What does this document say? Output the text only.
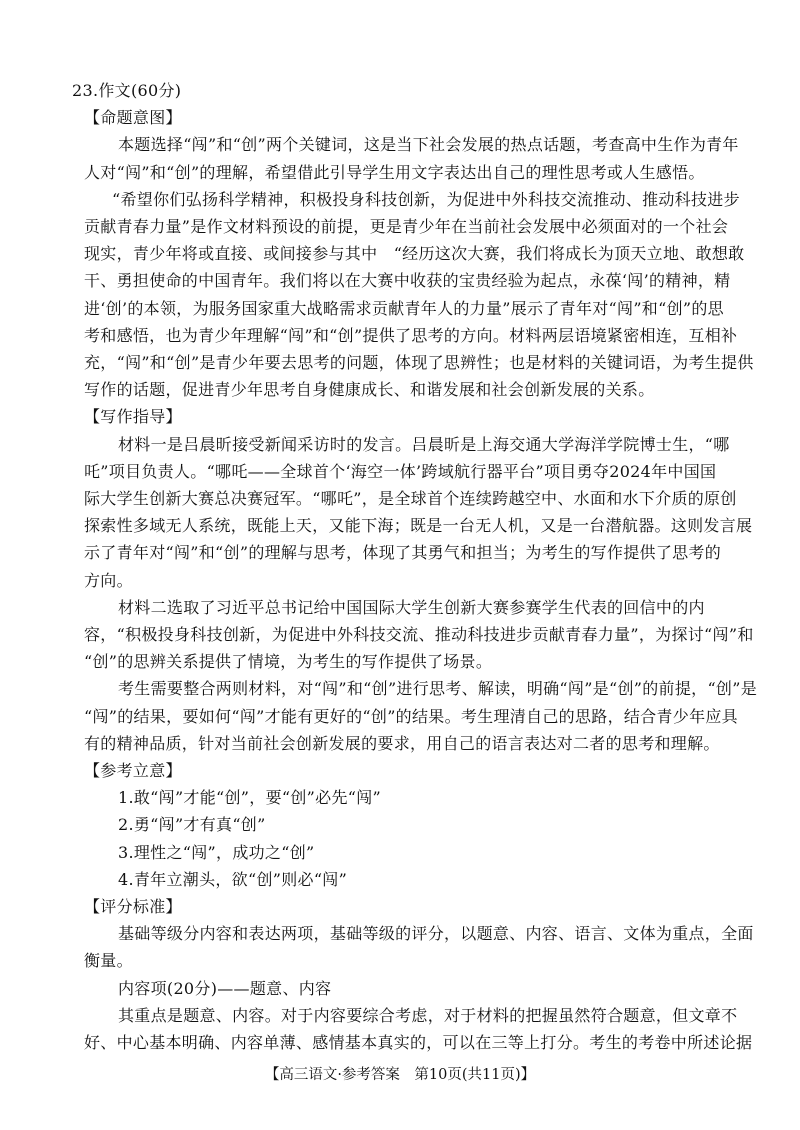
23.作文(60分)
【命题意图】
本题选择“闯”和“创”两个关键词，这是当下社会发展的热点话题，考查高中生作为青年
人对“闯”和“创”的理解，希望借此引导学生用文字表达出自己的理性思考或人生感悟。
“希望你们弘扬科学精神，积极投身科技创新，为促进中外科技交流推动、推动科技进步
贡献青春力量”是作文材料预设的前提，更是青少年在当前社会发展中必须面对的一个社会
现实，青少年将或直接、或间接参与其中　“经历这次大赛，我们将成长为顶天立地、敢想敢
干、勇担使命的中国青年。我们将以在大赛中收获的宝贵经验为起点，永葆‘闯’的精神，精
进‘创’的本领，为服务国家重大战略需求贡献青年人的力量”展示了青年对“闯”和“创”的思
考和感悟，也为青少年理解“闯”和“创”提供了思考的方向。材料两层语境紧密相连，互相补
充，“闯”和“创”是青少年要去思考的问题，体现了思辨性；也是材料的关键词语，为考生提供
写作的话题，促进青少年思考自身健康成长、和谐发展和社会创新发展的关系。
【写作指导】
材料一是吕晨昕接受新闻采访时的发言。吕晨昕是上海交通大学海洋学院博士生，“哪
吒”项目负责人。“哪吒——全球首个‘海空一体’跨域航行器平台”项目勇夺2024年中国国
际大学生创新大赛总决赛冠军。“哪吒”，是全球首个连续跨越空中、水面和水下介质的原创
探索性多域无人系统，既能上天，又能下海；既是一台无人机，又是一台潜航器。这则发言展
示了青年对“闯”和“创”的理解与思考，体现了其勇气和担当；为考生的写作提供了思考的
方向。
材料二选取了习近平总书记给中国国际大学生创新大赛参赛学生代表的回信中的内
容，“积极投身科技创新，为促进中外科技交流、推动科技进步贡献青春力量”，为探讨“闯”和
“创”的思辨关系提供了情境，为考生的写作提供了场景。
考生需要整合两则材料，对“闯”和“创”进行思考、解读，明确“闯”是“创”的前提，“创”是
“闯”的结果，要如何“闯”才能有更好的“创”的结果。考生理清自己的思路，结合青少年应具
有的精神品质，针对当前社会创新发展的要求，用自己的语言表达对二者的思考和理解。
【参考立意】
1.敢“闯”才能“创”，要“创”必先“闯”
2.勇“闯”才有真“创”
3.理性之“闯”，成功之“创”
4.青年立潮头，欲“创”则必“闯”
【评分标准】
基础等级分内容和表达两项，基础等级的评分，以题意、内容、语言、文体为重点，全面
衡量。
【高三语文·参考答案　第10页(共11页)】
内容项(20分)——题意、内容
其重点是题意、内容。对于内容要综合考虑，对于材料的把握虽然符合题意，但文章不
好、中心基本明确、内容单薄、感情基本真实的，可以在三等上打分。考生的考卷中所述论据
